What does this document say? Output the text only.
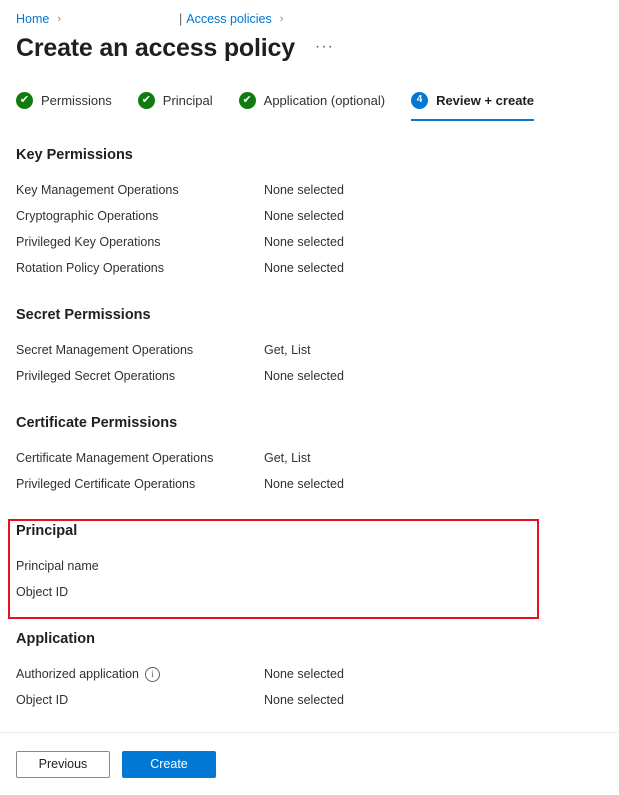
Home ›	| Access policies ›
Create an access policy ···
✔ Permissions	✔ Principal	✔ Application (optional)	4	Review + create
Key Permissions
Key Management Operations	None selected
Cryptographic Operations	None selected
Privileged Key Operations	None selected
Rotation Policy Operations	None selected
Secret Permissions
Secret Management Operations	Get, List
Privileged Secret Operations	None selected
Certificate Permissions
Certificate Management Operations	Get, List
Privileged Certificate Operations	None selected
Principal
Principal name
Object ID
Application
Authorized application	i	None selected
Object ID	None selected
Previous	Create
